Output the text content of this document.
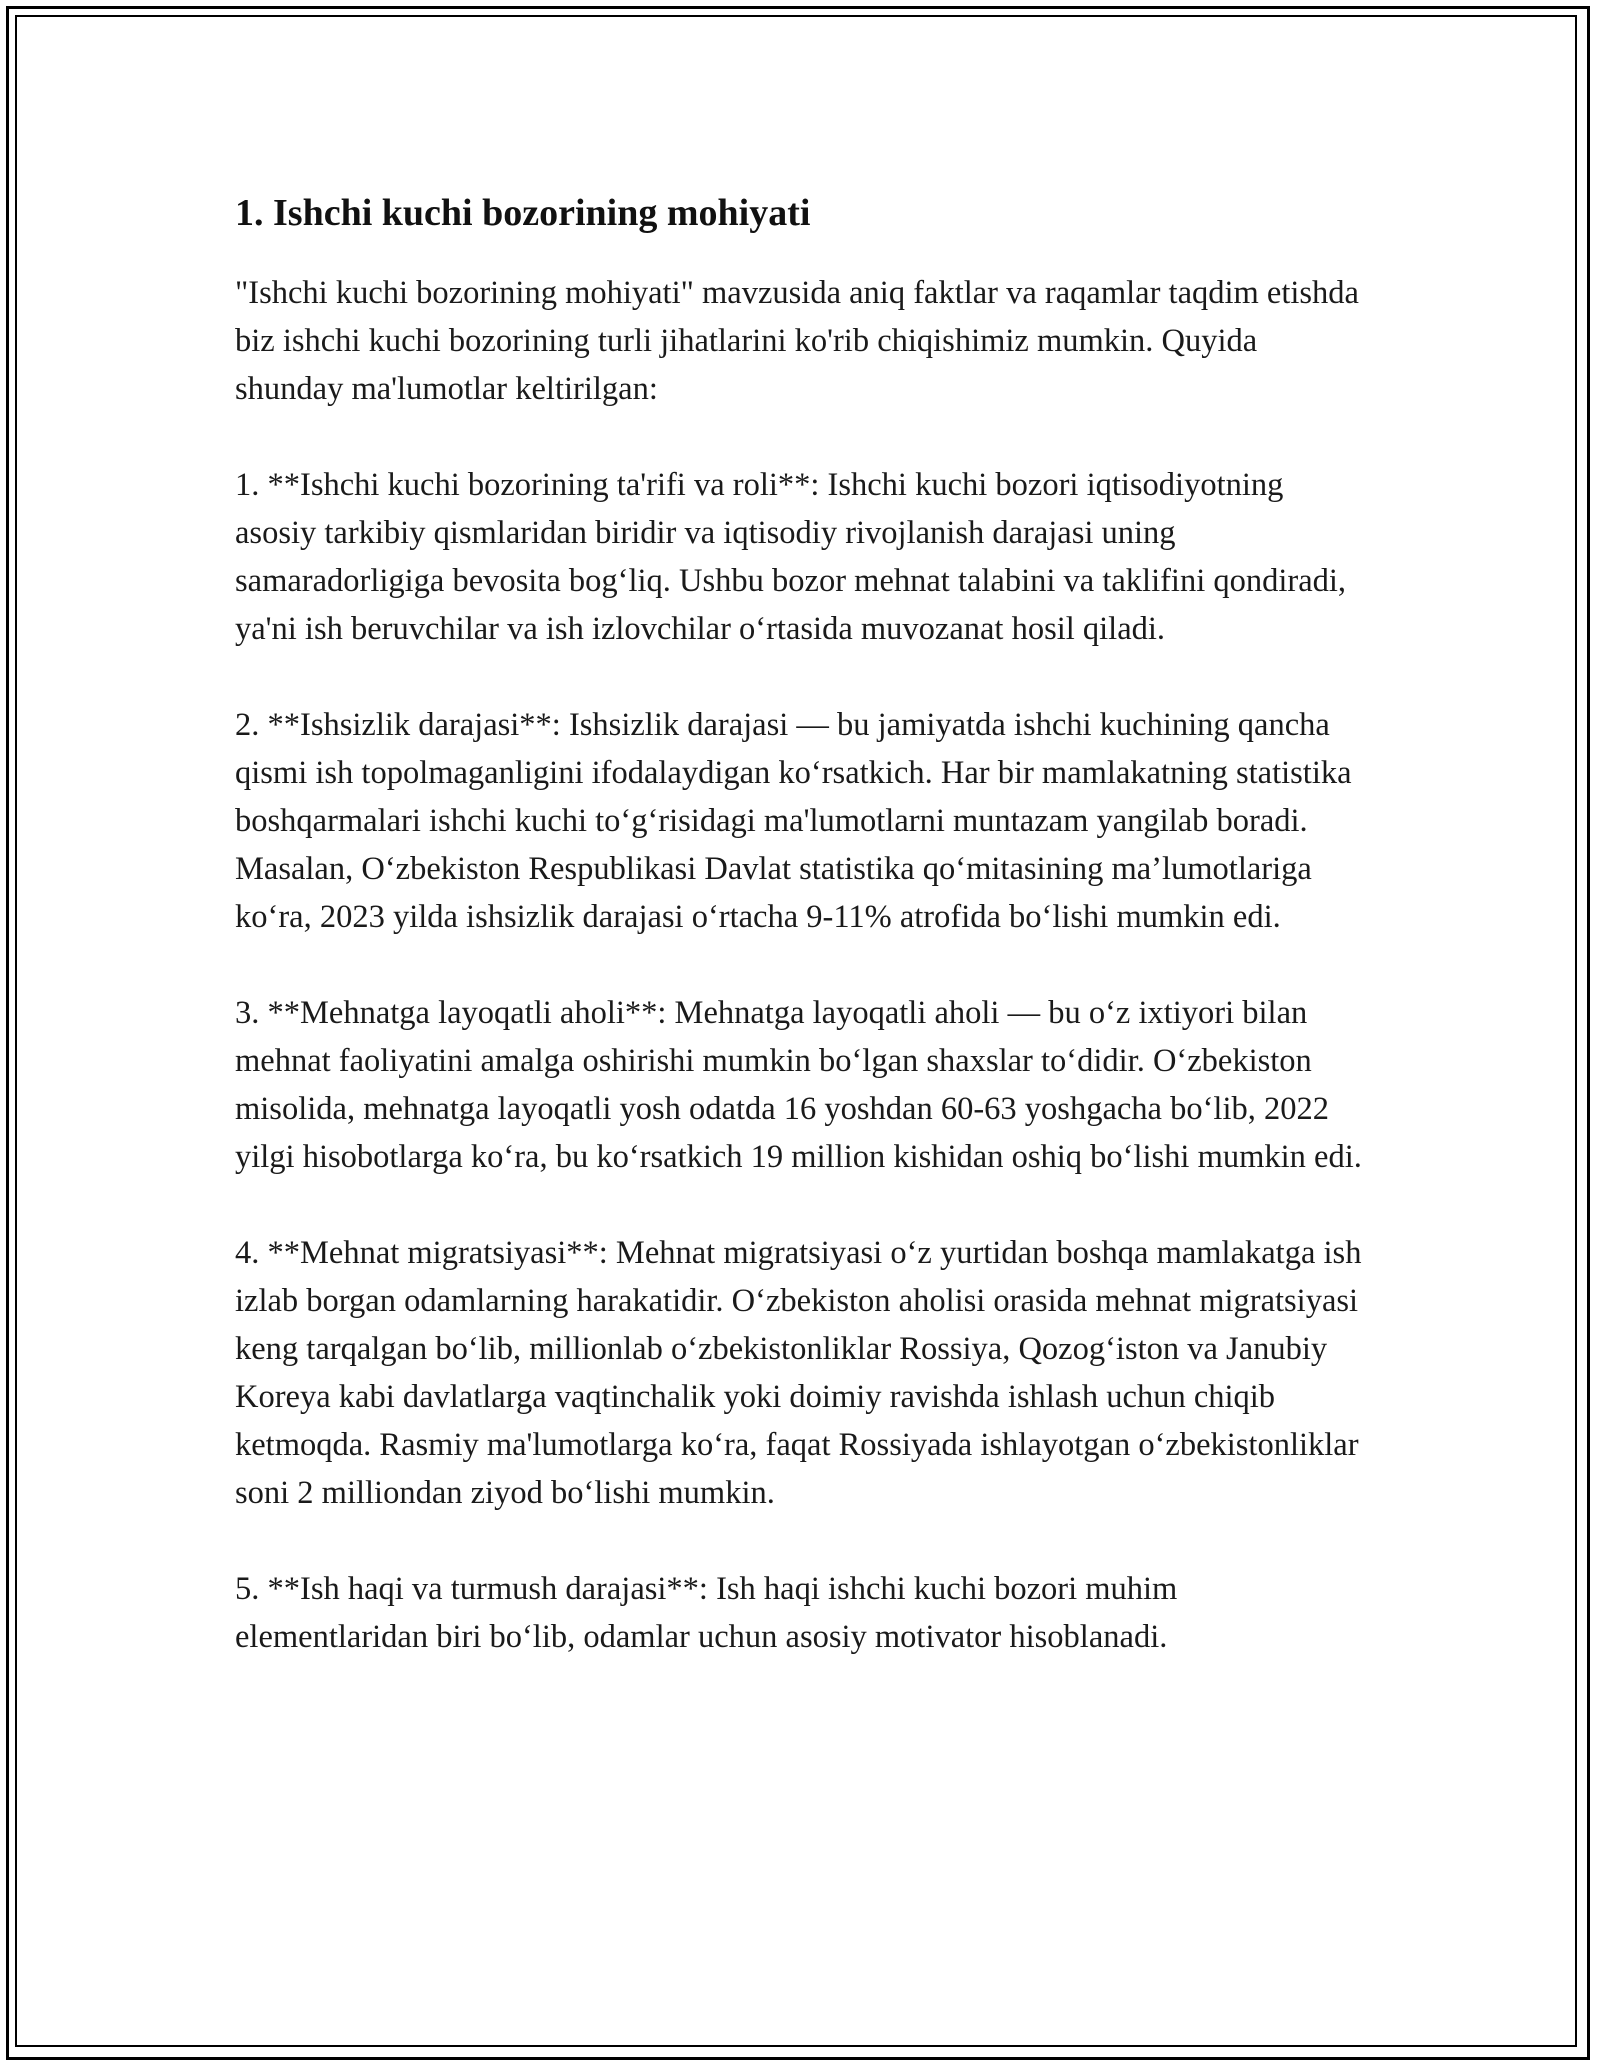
1. Ishchi kuchi bozorining mohiyati

"Ishchi kuchi bozorining mohiyati" mavzusida aniq faktlar va raqamlar taqdim etishda biz ishchi kuchi bozorining turli jihatlarini ko'rib chiqishimiz mumkin. Quyida shunday ma'lumotlar keltirilgan:

1. **Ishchi kuchi bozorining ta'rifi va roli**: Ishchi kuchi bozori iqtisodiyotning asosiy tarkibiy qismlaridan biridir va iqtisodiy rivojlanish darajasi uning samaradorligiga bevosita bog‘liq. Ushbu bozor mehnat talabini va taklifini qondiradi, ya'ni ish beruvchilar va ish izlovchilar o‘rtasida muvozanat hosil qiladi.

2. **Ishsizlik darajasi**: Ishsizlik darajasi — bu jamiyatda ishchi kuchining qancha qismi ish topolmaganligini ifodalaydigan ko‘rsatkich. Har bir mamlakatning statistika boshqarmalari ishchi kuchi to‘g‘risidagi ma'lumotlarni muntazam yangilab boradi. Masalan, O‘zbekiston Respublikasi Davlat statistika qo‘mitasining ma’lumotlariga ko‘ra, 2023 yilda ishsizlik darajasi o‘rtacha 9-11% atrofida bo‘lishi mumkin edi.

3. **Mehnatga layoqatli aholi**: Mehnatga layoqatli aholi — bu o‘z ixtiyori bilan mehnat faoliyatini amalga oshirishi mumkin bo‘lgan shaxslar to‘didir. O‘zbekiston misolida, mehnatga layoqatli yosh odatda 16 yoshdan 60-63 yoshgacha bo‘lib, 2022 yilgi hisobotlarga ko‘ra, bu ko‘rsatkich 19 million kishidan oshiq bo‘lishi mumkin edi.

4. **Mehnat migratsiyasi**: Mehnat migratsiyasi o‘z yurtidan boshqa mamlakatga ish izlab borgan odamlarning harakatidir. O‘zbekiston aholisi orasida mehnat migratsiyasi keng tarqalgan bo‘lib, millionlab o‘zbekistonliklar Rossiya, Qozog‘iston va Janubiy Koreya kabi davlatlarga vaqtinchalik yoki doimiy ravishda ishlash uchun chiqib ketmoqda. Rasmiy ma'lumotlarga ko‘ra, faqat Rossiyada ishlayotgan o‘zbekistonliklar soni 2 milliondan ziyod bo‘lishi mumkin.

5. **Ish haqi va turmush darajasi**: Ish haqi ishchi kuchi bozori muhim elementlaridan biri bo‘lib, odamlar uchun asosiy motivator hisoblanadi.
